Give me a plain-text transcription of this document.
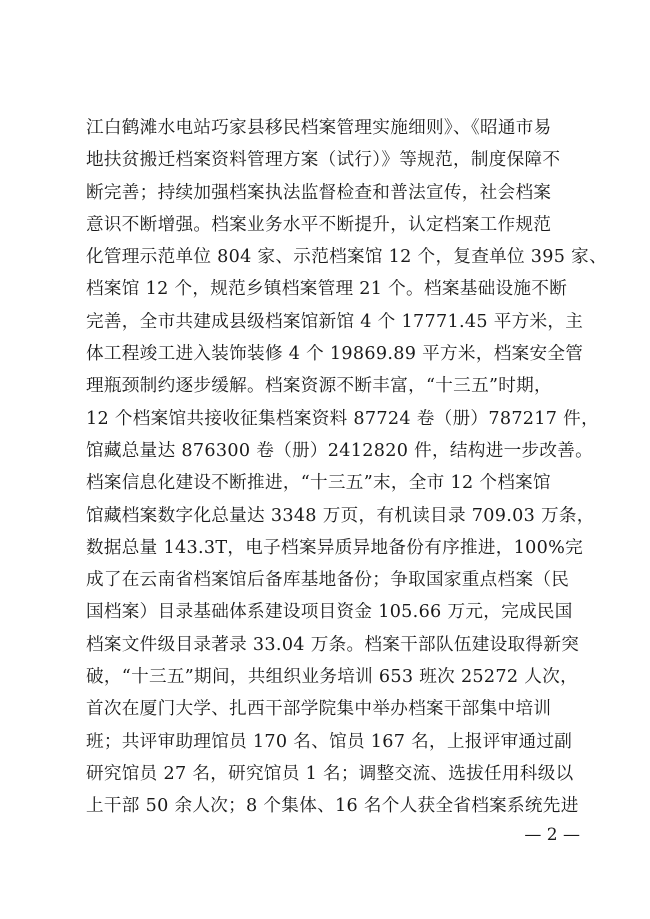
江白鹤滩水电站巧家县移民档案管理实施细则》、《昭通市易
地扶贫搬迁档案资料管理方案（试行）》等规范，制度保障不
断完善；持续加强档案执法监督检查和普法宣传，社会档案
意识不断增强。档案业务水平不断提升，认定档案工作规范
化管理示范单位 804 家、示范档案馆 12 个，复查单位 395 家、
档案馆 12 个，规范乡镇档案管理 21 个。档案基础设施不断
完善，全市共建成县级档案馆新馆 4 个 17771.45 平方米，主
体工程竣工进入装饰装修 4 个 19869.89 平方米，档案安全管
理瓶颈制约逐步缓解。档案资源不断丰富，“十三五”时期，
12 个档案馆共接收征集档案资料 87724 卷（册）787217 件，
馆藏总量达 876300 卷（册）2412820 件，结构进一步改善。
档案信息化建设不断推进，“十三五”末，全市 12 个档案馆
馆藏档案数字化总量达 3348 万页，有机读目录 709.03 万条，
数据总量 143.3T，电子档案异质异地备份有序推进，100%完
成了在云南省档案馆后备库基地备份；争取国家重点档案（民
国档案）目录基础体系建设项目资金 105.66 万元，完成民国
档案文件级目录著录 33.04 万条。档案干部队伍建设取得新突
破，“十三五”期间，共组织业务培训 653 班次 25272 人次，
首次在厦门大学、扎西干部学院集中举办档案干部集中培训
班；共评审助理馆员 170 名、馆员 167 名，上报评审通过副
研究馆员 27 名，研究馆员 1 名；调整交流、选拔任用科级以
上干部 50 余人次；8 个集体、16 名个人获全省档案系统先进
— 2 —
